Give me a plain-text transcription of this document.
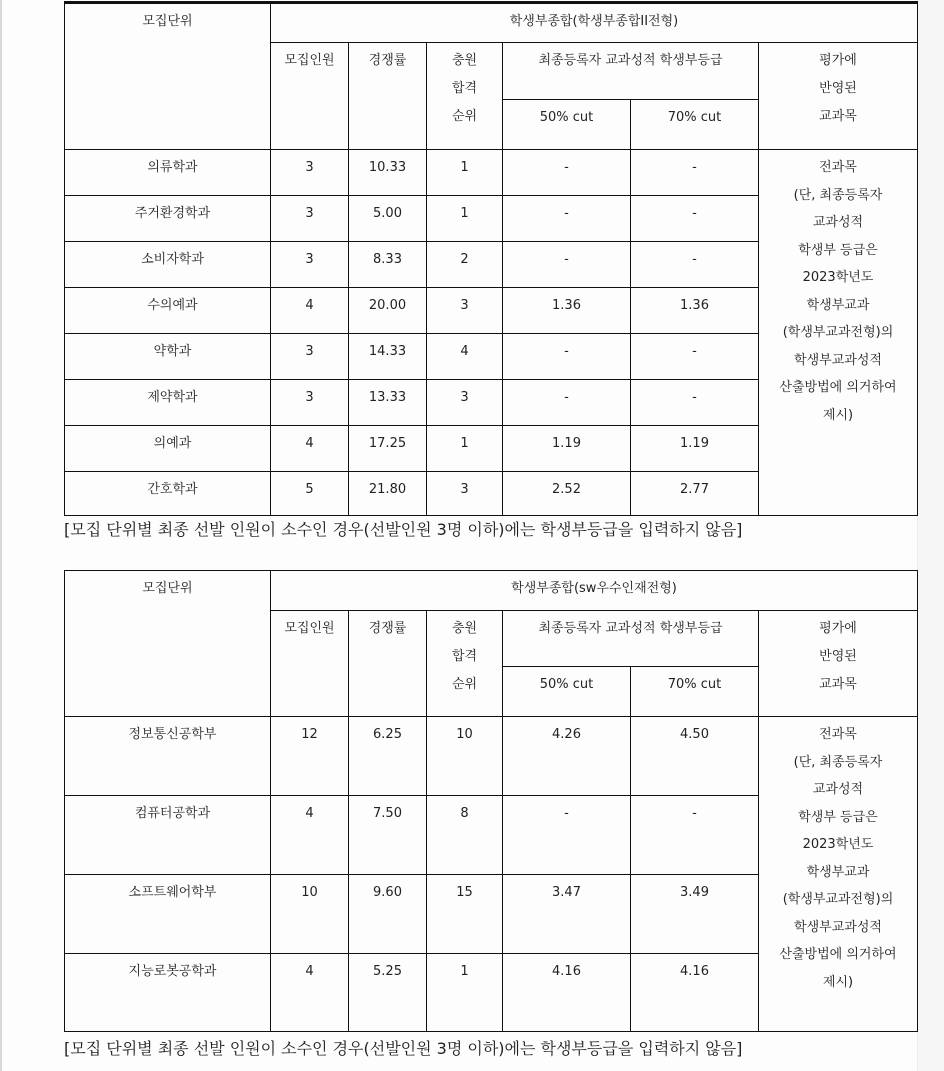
모집단위	학생부종합(학생부종합II전형)					
	모집인원	경쟁률	충원
합격
순위	최종등록자 교과성적 학생부등급		평가에
반영된
교과목

				50% cut	70% cut	
의류학과	3	10.33	1	-	-	전과목
(단, 최종등록자
교과성적
학생부 등급은
2023학년도
학생부교과
(학생부교과전형)의
학생부교과성적
산출방법에 의거하여
제시)

주거환경학과	3	5.00	1	-	-	
소비자학과	3	8.33	2	-	-	
수의예과	4	20.00	3	1.36	1.36	
약학과	3	14.33	4	-	-	
제약학과	3	13.33	3	-	-	
의예과	4	17.25	1	1.19	1.19	
간호학과	5	21.80	3	2.52	2.77	
[모집 단위별 최종 선발 인원이 소수인 경우(선발인원 3명 이하)에는 학생부등급을 입력하지 않음]
모집단위	학생부종합(sw우수인재전형)					
	모집인원	경쟁률	충원
합격
순위	최종등록자 교과성적 학생부등급		평가에
반영된
교과목

				50% cut	70% cut	
정보통신공학부	12	6.25	10	4.26	4.50	전과목
(단, 최종등록자
교과성적
학생부 등급은
2023학년도
학생부교과
(학생부교과전형)의
학생부교과성적
산출방법에 의거하여
제시)

컴퓨터공학과	4	7.50	8	-	-	
소프트웨어학부	10	9.60	15	3.47	3.49	
지능로봇공학과	4	5.25	1	4.16	4.16	
[모집 단위별 최종 선발 인원이 소수인 경우(선발인원 3명 이하)에는 학생부등급을 입력하지 않음]
